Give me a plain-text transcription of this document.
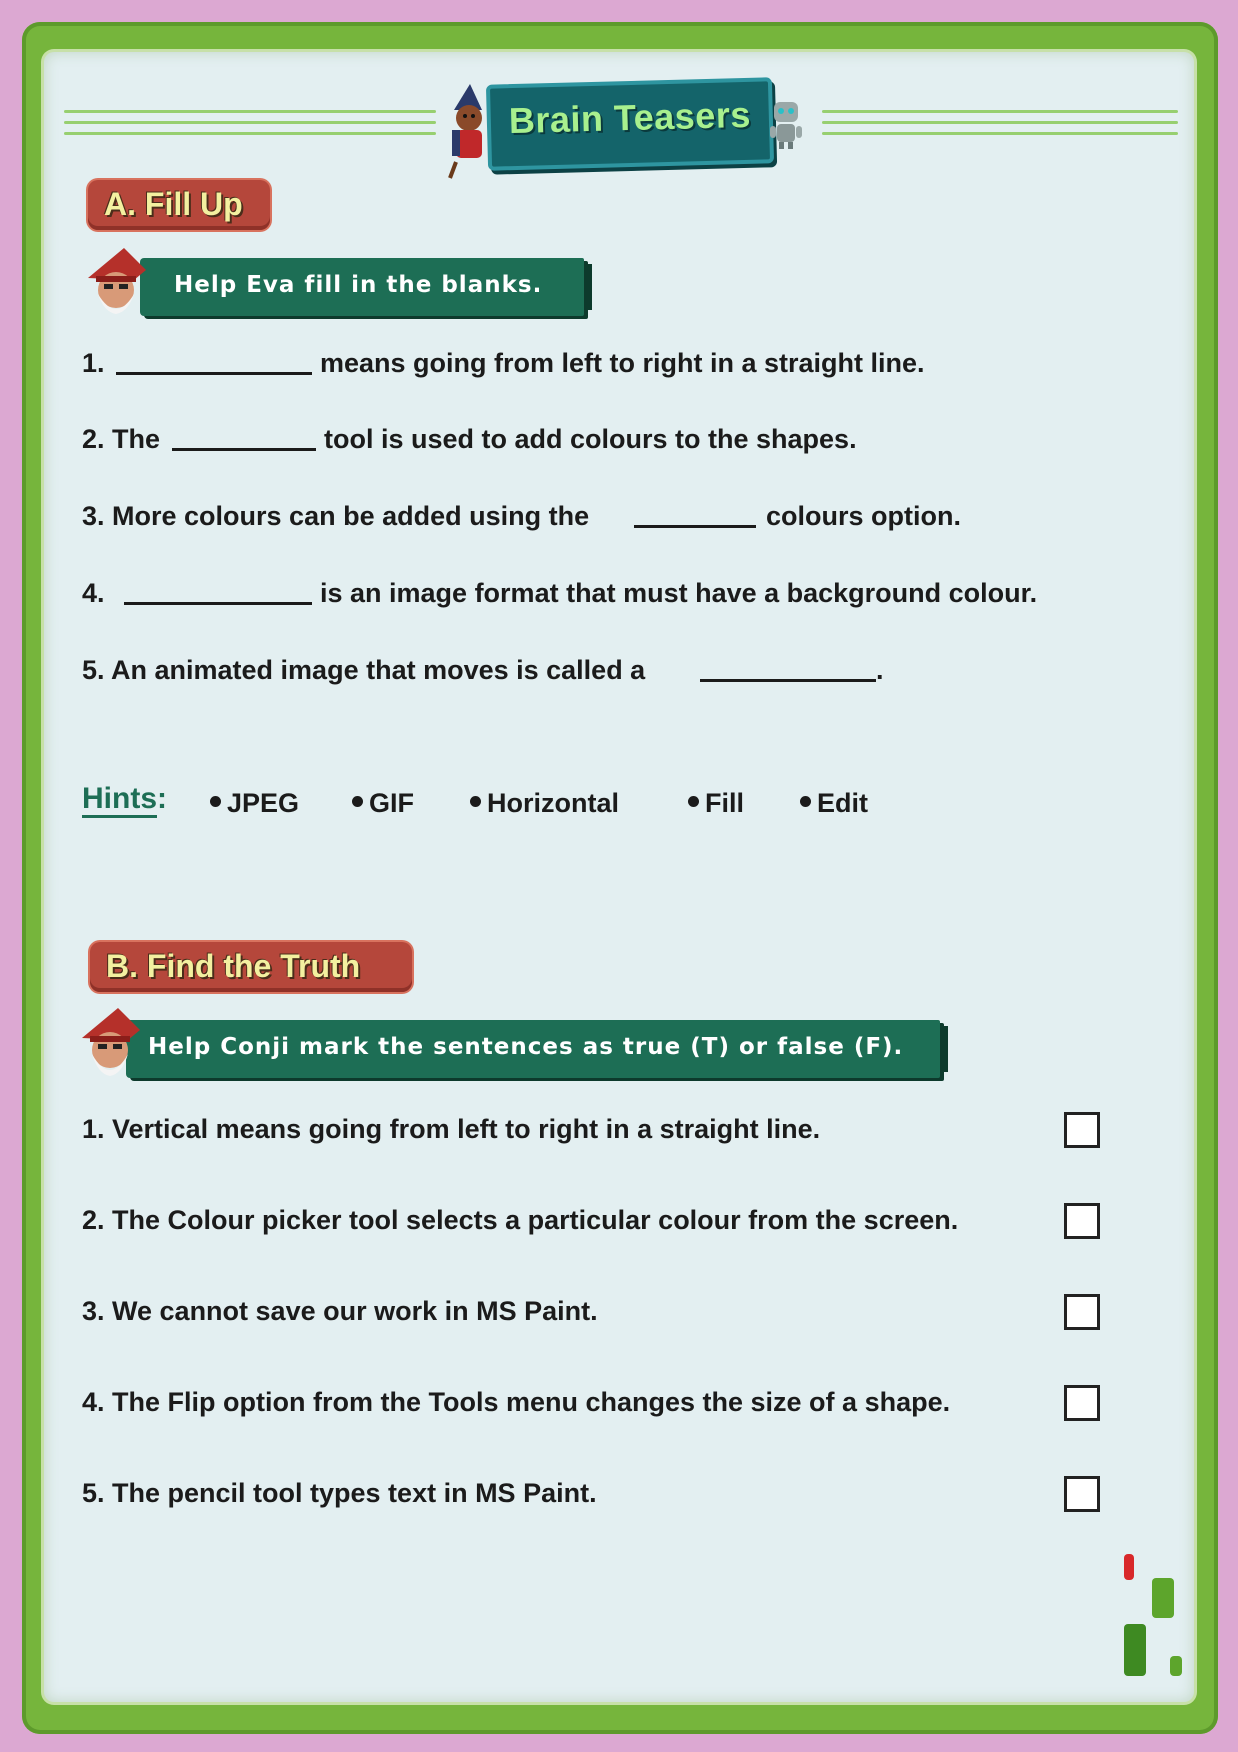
Brain Teasers
A. Fill Up
Help Eva fill in the blanks.
1.	means going from left to right in a straight line.
2. The	tool is used to add colours to the shapes.
3. More colours can be added using the	colours option.
4.	is an image format that must have a background colour.
5. An animated image that moves is called a	.
Hints:	JPEG	GIF	Horizontal	Fill	Edit
B. Find the Truth
Help Conji mark the sentences as true (T) or false (F).
1. Vertical means going from left to right in a straight line.
2. The Colour picker tool selects a particular colour from the screen.
3. We cannot save our work in MS Paint.
4. The Flip option from the Tools menu changes the size of a shape.
5. The pencil tool types text in MS Paint.
